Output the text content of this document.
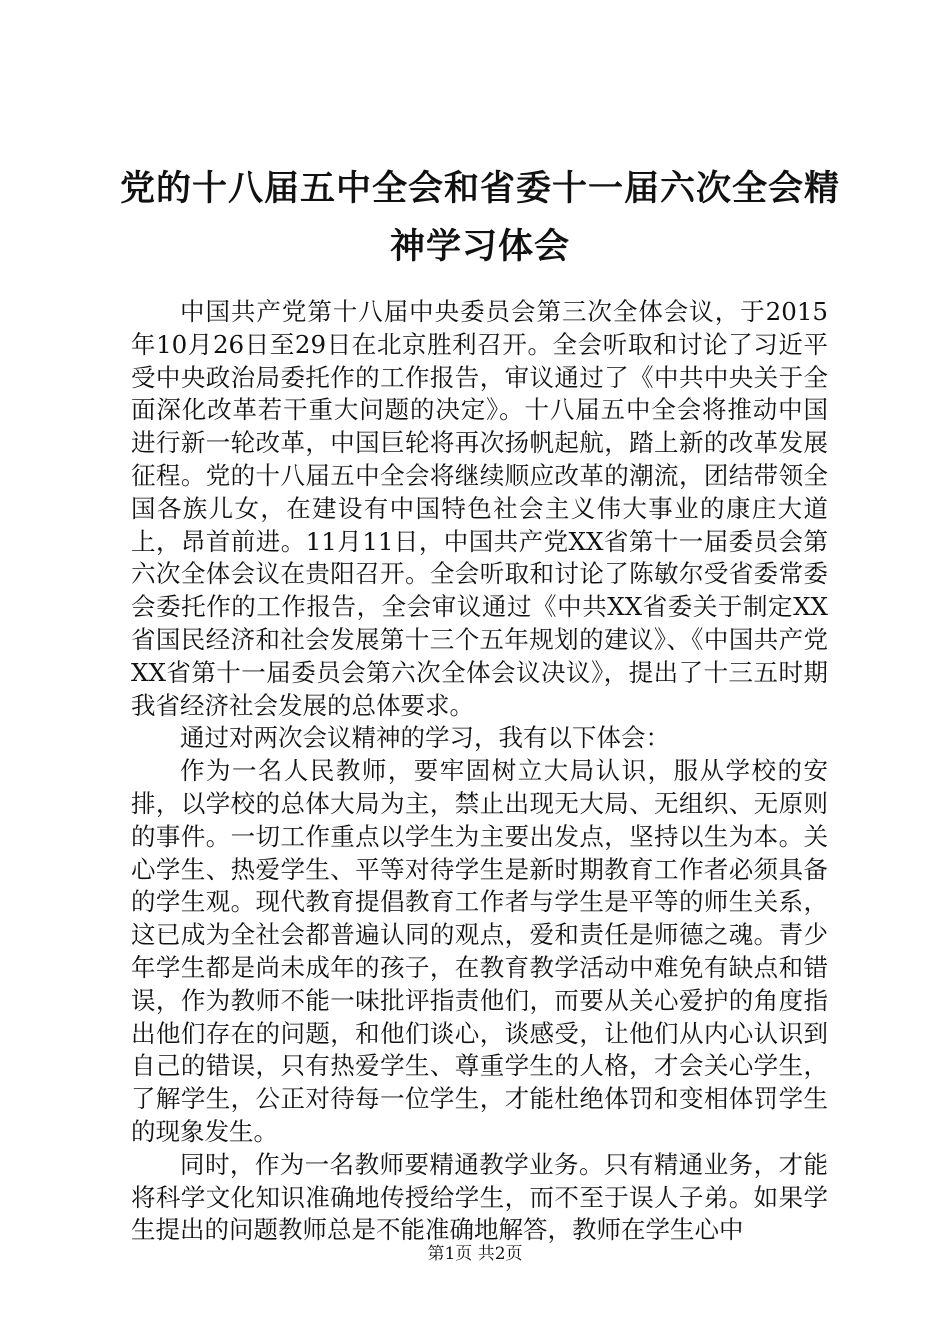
党的十八届五中全会和省委十一届六次全会精
神学习体会

中国共产党第十八届中央委员会第三次全体会议，于2015年10月26日至29日在北京胜利召开。全会听取和讨论了习近平受中央政治局委托作的工作报告，审议通过了《中共中央关于全面深化改革若干重大问题的决定》。十八届五中全会将推动中国进行新一轮改革，中国巨轮将再次扬帆起航，踏上新的改革发展征程。党的十八届五中全会将继续顺应改革的潮流，团结带领全国各族儿女，在建设有中国特色社会主义伟大事业的康庄大道上，昂首前进。11月11日，中国共产党XX省第十一届委员会第六次全体会议在贵阳召开。全会听取和讨论了陈敏尔受省委常委会委托作的工作报告，全会审议通过《中共XX省委关于制定XX省国民经济和社会发展第十三个五年规划的建议》、《中国共产党XX省第十一届委员会第六次全体会议决议》，提出了十三五时期我省经济社会发展的总体要求。

通过对两次会议精神的学习，我有以下体会：

作为一名人民教师，要牢固树立大局认识，服从学校的安排，以学校的总体大局为主，禁止出现无大局、无组织、无原则的事件。一切工作重点以学生为主要出发点，坚持以生为本。关心学生、热爱学生、平等对待学生是新时期教育工作者必须具备的学生观。现代教育提倡教育工作者与学生是平等的师生关系，这已成为全社会都普遍认同的观点，爱和责任是师德之魂。青少年学生都是尚未成年的孩子，在教育教学活动中难免有缺点和错误，作为教师不能一味批评指责他们，而要从关心爱护的角度指出他们存在的问题，和他们谈心，谈感受，让他们从内心认识到自己的错误，只有热爱学生、尊重学生的人格，才会关心学生，了解学生，公正对待每一位学生，才能杜绝体罚和变相体罚学生的现象发生。

同时，作为一名教师要精通教学业务。只有精通业务，才能将科学文化知识准确地传授给学生，而不至于误人子弟。如果学生提出的问题教师总是不能准确地解答，教师在学生心中

第1页 共2页
